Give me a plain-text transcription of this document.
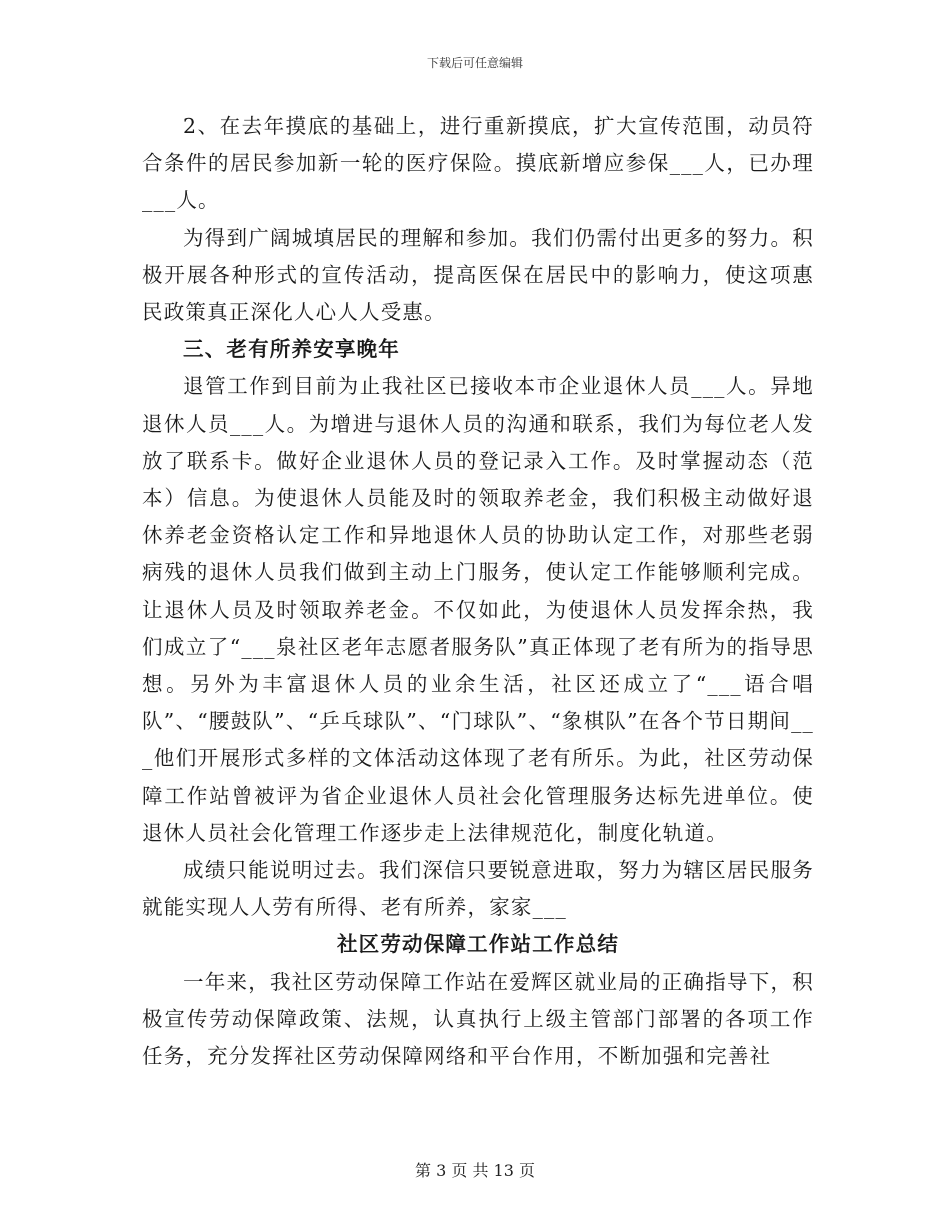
下载后可任意编辑

2、在去年摸底的基础上，进行重新摸底，扩大宣传范围，动员符合条件的居民参加新一轮的医疗保险。摸底新增应参保___人，已办理___人。

为得到广阔城填居民的理解和参加。我们仍需付出更多的努力。积极开展各种形式的宣传活动，提高医保在居民中的影响力，使这项惠民政策真正深化人心人人受惠。

三、老有所养安享晚年

退管工作到目前为止我社区已接收本市企业退休人员___人。异地退休人员___人。为增进与退休人员的沟通和联系，我们为每位老人发放了联系卡。做好企业退休人员的登记录入工作。及时掌握动态（范本）信息。为使退休人员能及时的领取养老金，我们积极主动做好退休养老金资格认定工作和异地退休人员的协助认定工作，对那些老弱病残的退休人员我们做到主动上门服务，使认定工作能够顺利完成。让退休人员及时领取养老金。不仅如此，为使退休人员发挥余热，我们成立了“___泉社区老年志愿者服务队”真正体现了老有所为的指导思想。另外为丰富退休人员的业余生活，社区还成立了“___语合唱队”、“腰鼓队”、“乒乓球队”、“门球队”、“象棋队”在各个节日期间___他们开展形式多样的文体活动这体现了老有所乐。为此，社区劳动保障工作站曾被评为省企业退休人员社会化管理服务达标先进单位。使退休人员社会化管理工作逐步走上法律规范化，制度化轨道。

成绩只能说明过去。我们深信只要锐意进取，努力为辖区居民服务就能实现人人劳有所得、老有所养，家家___

社区劳动保障工作站工作总结

一年来，我社区劳动保障工作站在爱辉区就业局的正确指导下，积极宣传劳动保障政策、法规，认真执行上级主管部门部署的各项工作任务，充分发挥社区劳动保障网络和平台作用，不断加强和完善社

第 3 页 共 13 页
